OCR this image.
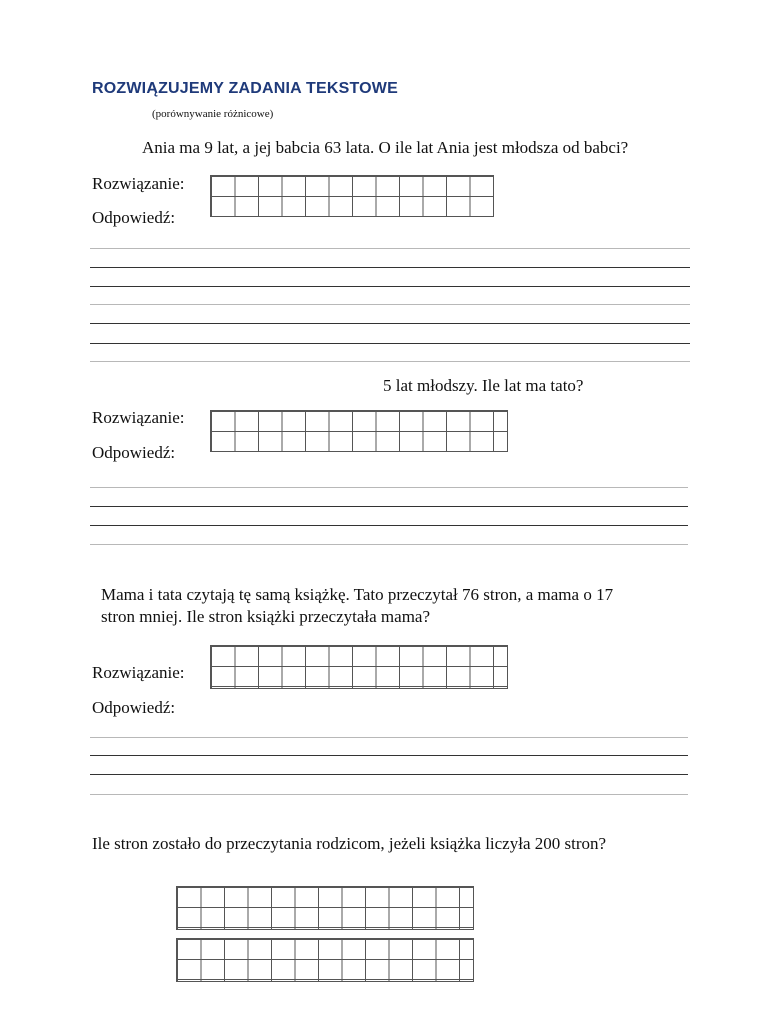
ROZWIĄZUJEMY ZADANIA TEKSTOWE
(porównywanie różnicowe)
Ania ma 9 lat, a jej babcia 63 lata. O ile lat Ania jest młodsza od babci?
Rozwiązanie:
Odpowiedź:
5 lat młodszy. Ile lat ma tato?
Rozwiązanie:
Odpowiedź:
Mama i tata czytają tę samą książkę. Tato przeczytał 76 stron, a mama o 17
stron mniej. Ile stron książki przeczytała mama?
Rozwiązanie:
Odpowiedź:
Ile stron zostało do przeczytania rodzicom, jeżeli książka liczyła 200 stron?
